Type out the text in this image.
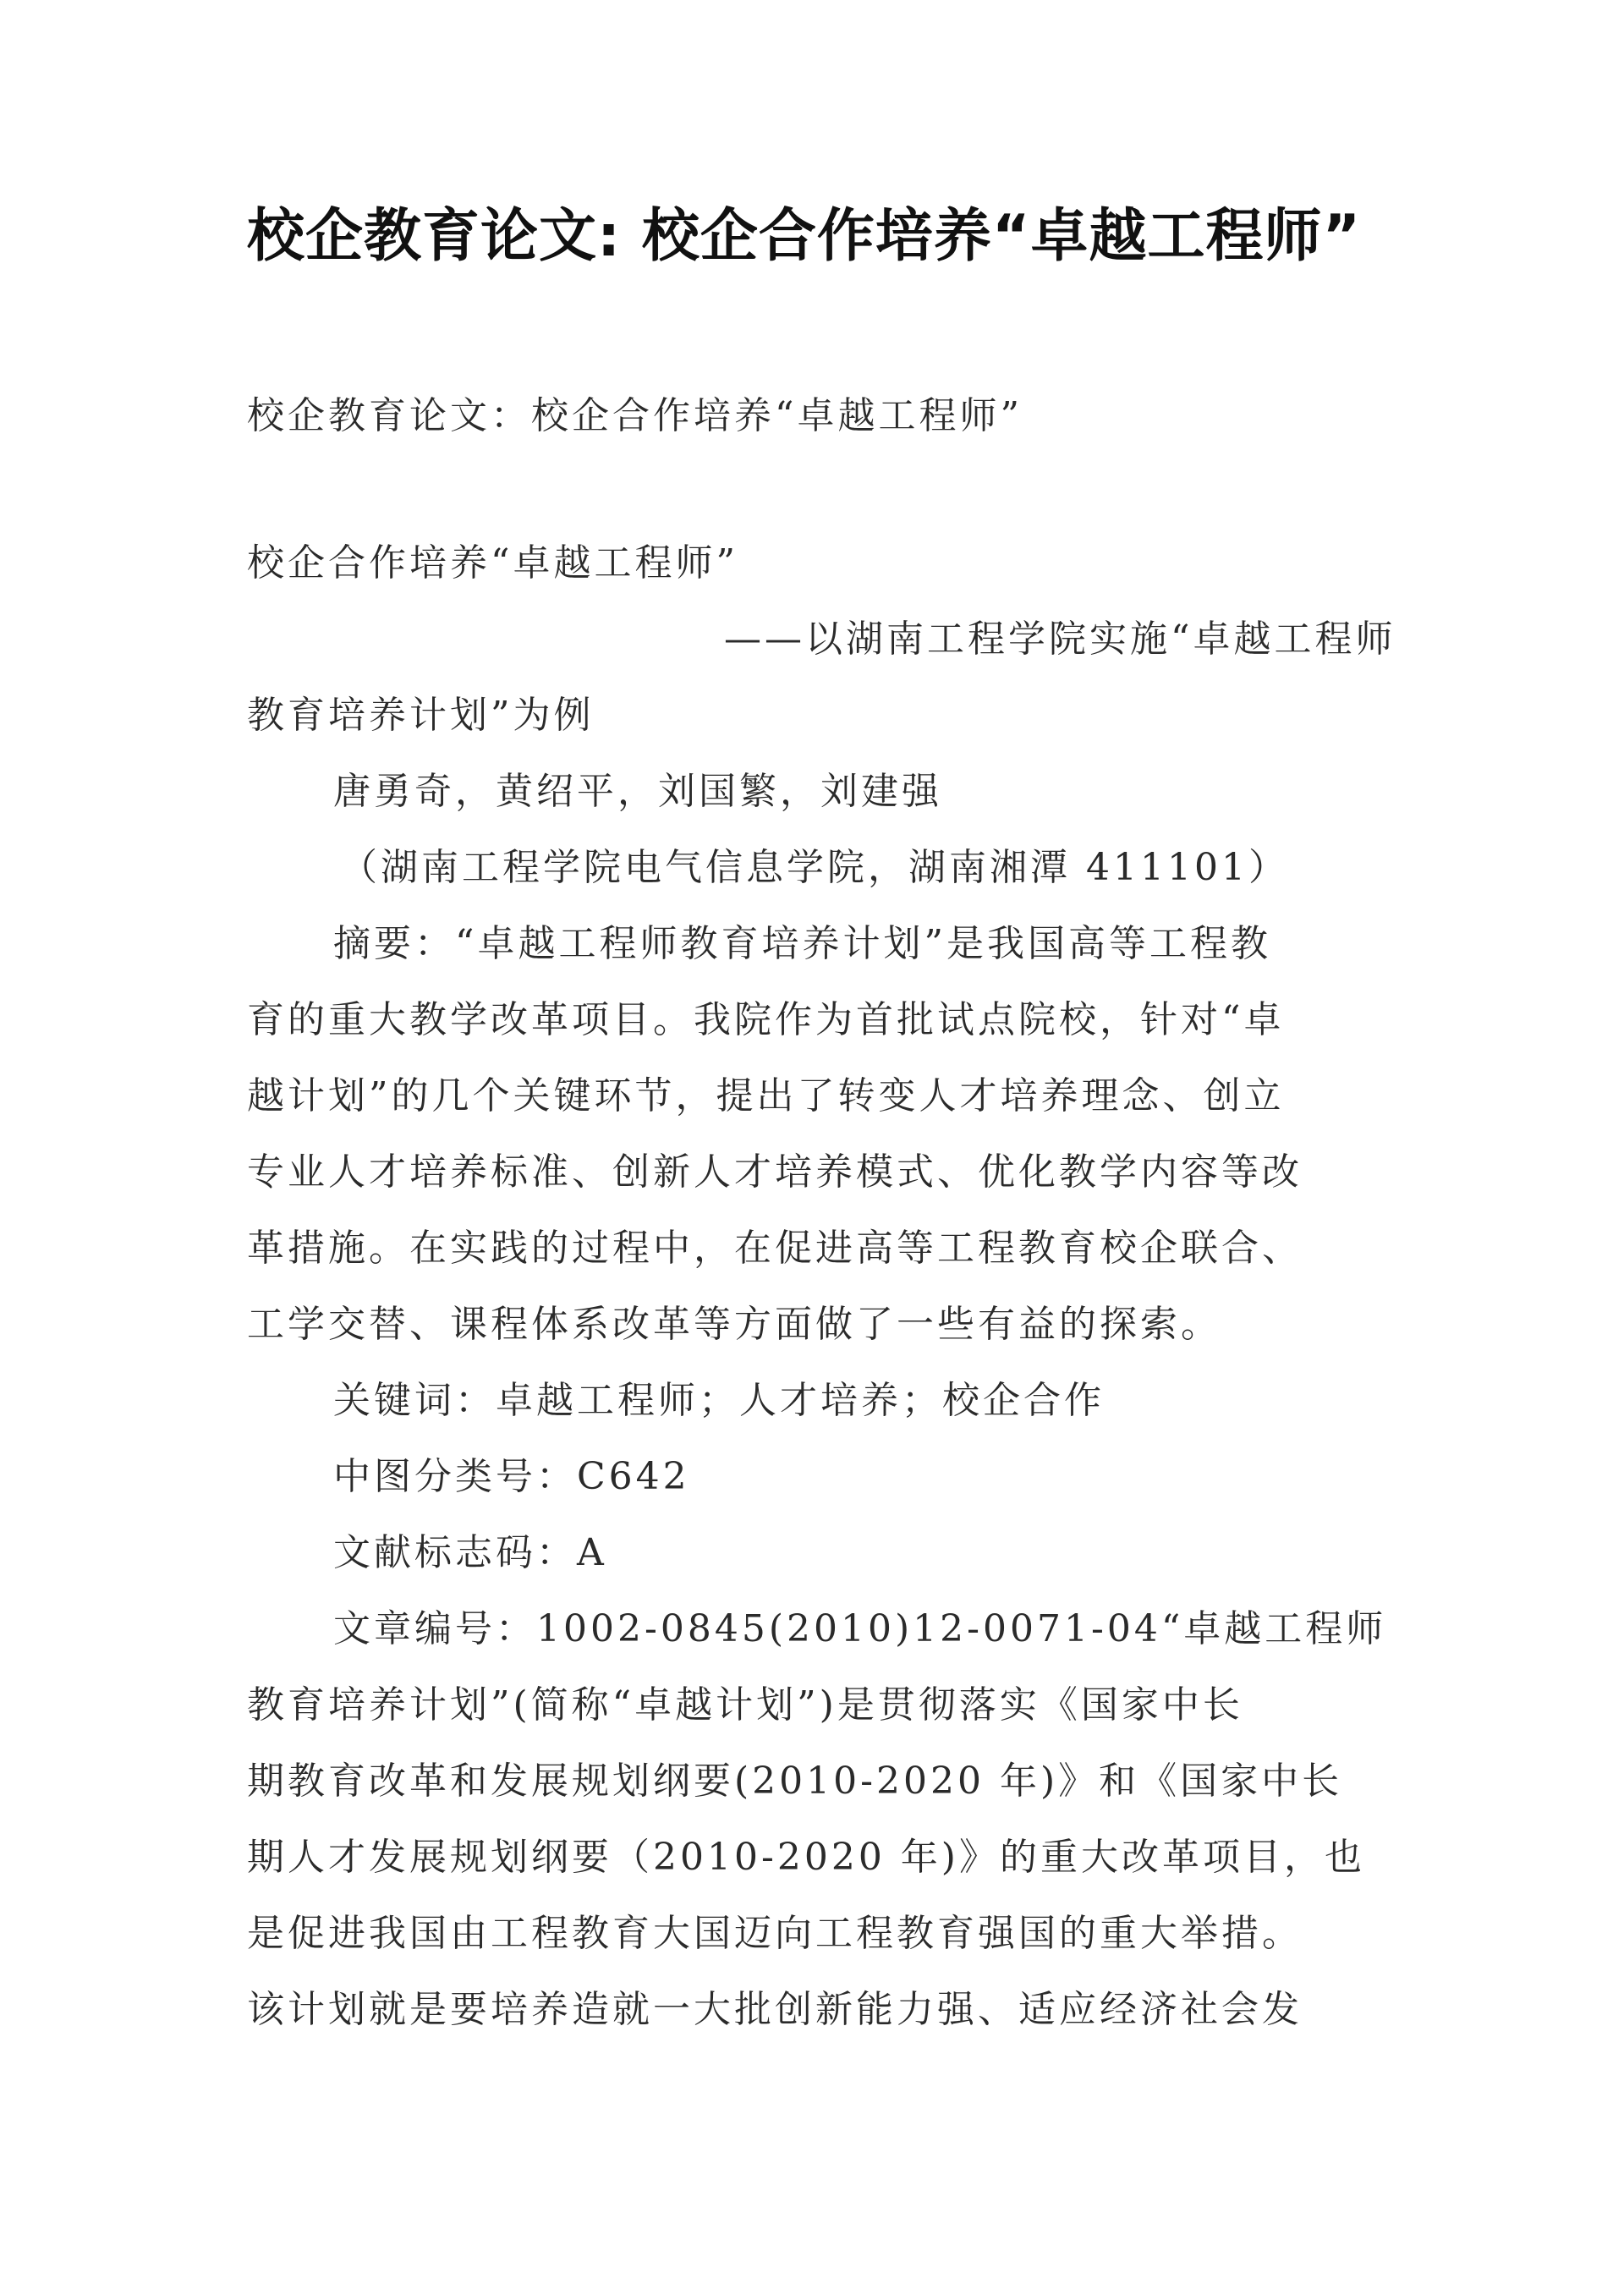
校企教育论文: 校企合作培养“卓越工程师”
校企教育论文：校企合作培养“卓越工程师”
校企合作培养“卓越工程师”
——以湖南工程学院实施“卓越工程师
教育培养计划”为例
唐勇奇，黄绍平，刘国繁，刘建强
（湖南工程学院电气信息学院，湖南湘潭 411101）
摘要：“卓越工程师教育培养计划”是我国高等工程教
育的重大教学改革项目。我院作为首批试点院校，针对“卓
越计划”的几个关键环节，提出了转变人才培养理念、创立
专业人才培养标准、创新人才培养模式、优化教学内容等改
革措施。在实践的过程中，在促进高等工程教育校企联合、
工学交替、课程体系改革等方面做了一些有益的探索。
关键词：卓越工程师；人才培养；校企合作
中图分类号：C642
文献标志码：A
文章编号：1002-0845(2010)12-0071-04“卓越工程师
教育培养计划”(简称“卓越计划”)是贯彻落实《国家中长
期教育改革和发展规划纲要(2010-2020 年)》和《国家中长
期人才发展规划纲要（2010-2020 年)》的重大改革项目，也
是促进我国由工程教育大国迈向工程教育强国的重大举措。
该计划就是要培养造就一大批创新能力强、适应经济社会发
